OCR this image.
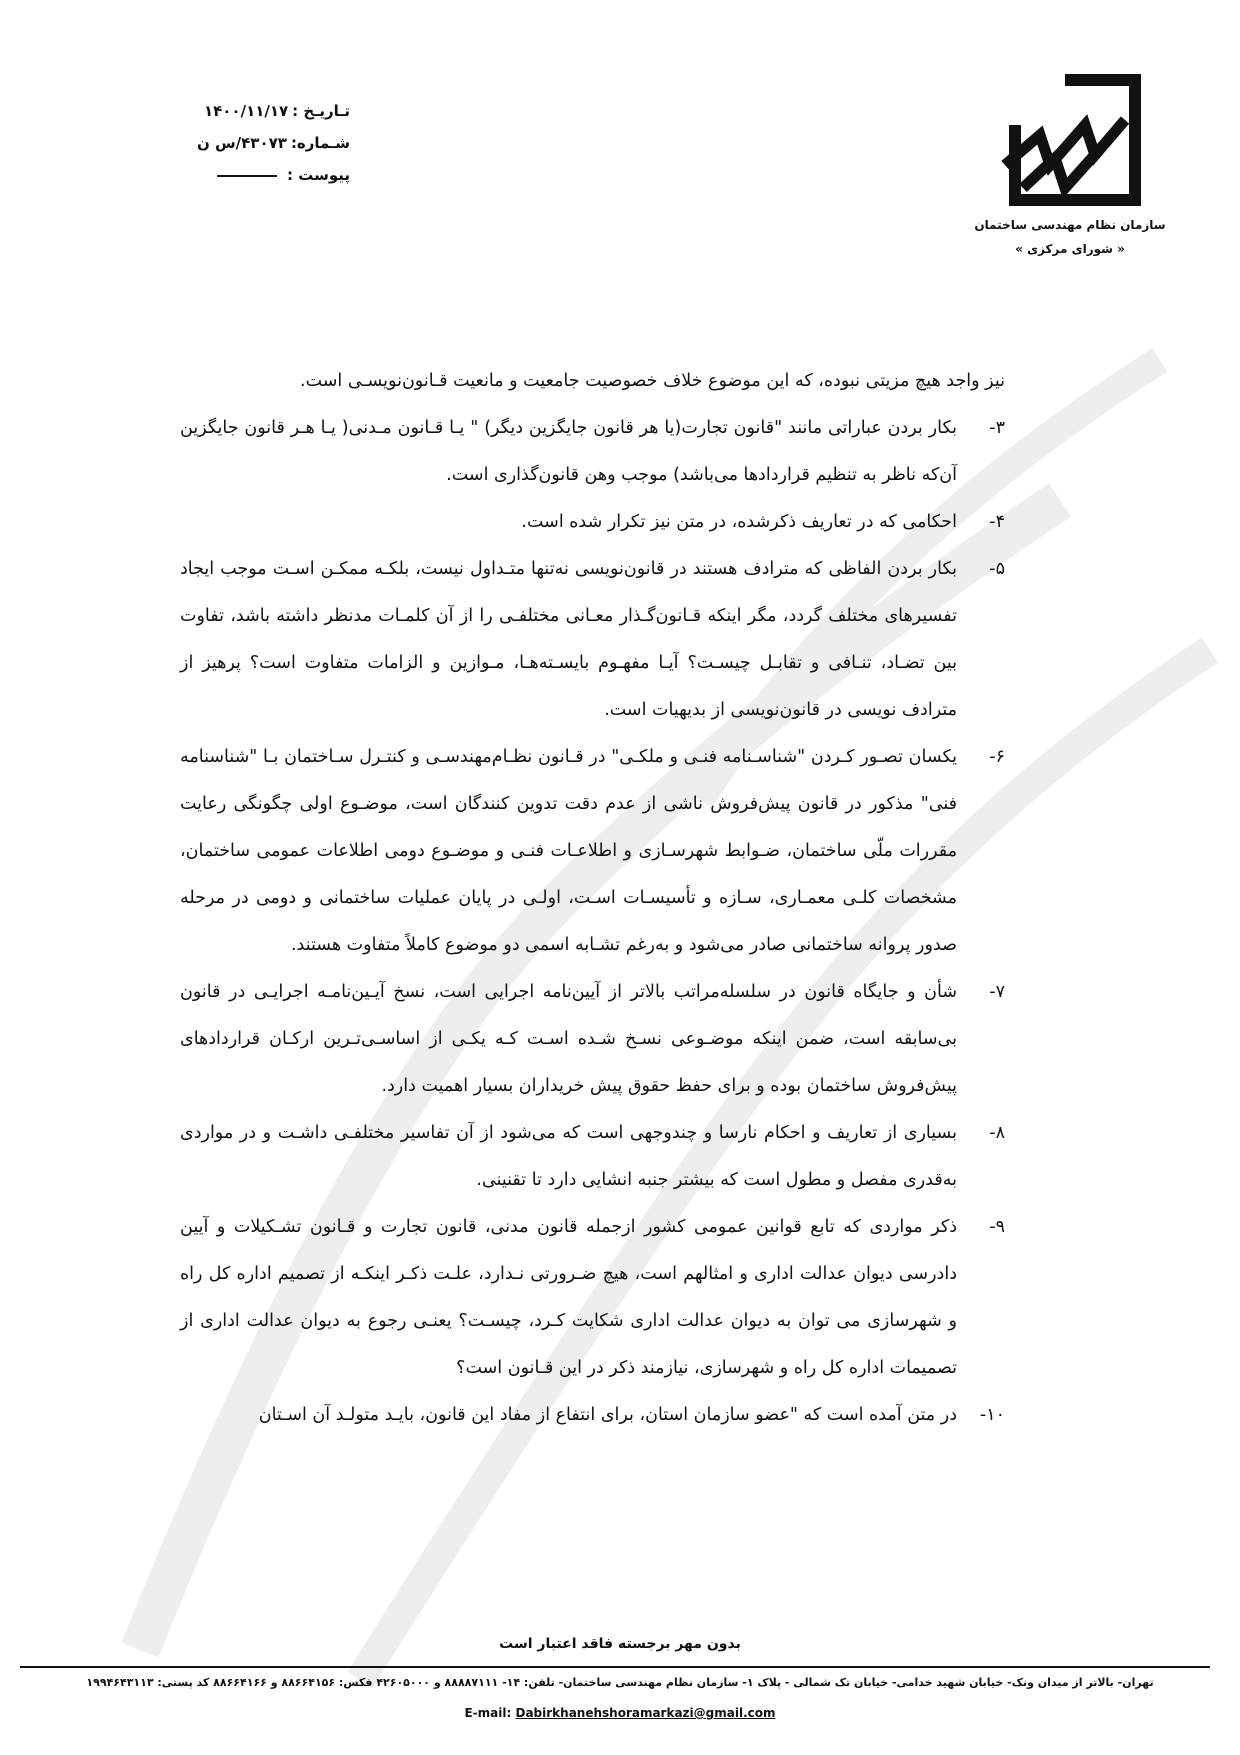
سازمان نظام مهندسی ساختمان
« شورای مرکزی »
تـاریـخ :۱۴۰۰/۱۱/۱۷
شـماره:۴۳۰۷۳/س ن
پیوست :

نیز واجد هیچ مزیتی نبوده، که این موضوع خلاف خصوصیت جامعیت و مانعیت قـانون‌نویسـی است.

۳-

بکار بردن عباراتی مانند "قانون تجارت(یا هر قانون جایگزین دیگر) " یـا قـانون مـدنی( یـا هـر قانون جایگزین آن‌که ناظر به تنظیم قراردادها می‌باشد) موجب وهن قانون‌گذاری است.

۴-

احکامی که در تعاریف ذکرشده، در متن نیز تکرار شده است.

۵-

بکار بردن الفاظی که مترادف هستند در قانون‌نویسی نه‌تنها متـداول نیست، بلکـه ممکـن اسـت موجب ایجاد تفسیرهای مختلف گردد، مگر اینکه قـانون‌گـذار معـانی مختلفـی را از آن کلمـات مدنظر داشته باشد، تفاوت بین تضـاد، تنـافی و تقابـل چیسـت؟ آیـا مفهـوم بایسـته‌هـا، مـوازین و الزامات متفاوت است؟ پرهیز از مترادف نویسی در قانون‌نویسی از بدیهیات است.

۶-

یکسان تصـور کـردن "شناسـنامه فنـی و ملکـی" در قـانون نظـام‌مهندسـی و کنتـرل سـاختمان بـا "شناسنامه فنی" مذکور در قانون پیش‌فروش ناشی از عدم دقت تدوین کنندگان است، موضـوع اولی چگونگی رعایت مقررات ملّی ساختمان، ضـوابط شهرسـازی و اطلاعـات فنـی و موضـوع دومی اطلاعات عمومی ساختمان، مشخصات کلـی معمـاری، سـازه و تأسیسـات اسـت، اولـی در پایان عملیات ساختمانی و دومی در مرحله صدور پروانه ساختمانی صادر می‌شود و به‌رغم تشـابه اسمی دو موضوع کاملاً متفاوت هستند.

۷-

شأن و جایگاه قانون در سلسله‌مراتب بالاتر از آیین‌نامه اجرایی است، نسخ آیـین‌نامـه اجرایـی در قانون بی‌سابقه است، ضمن اینکه موضـوعی نسـخ شـده اسـت کـه یکـی از اساسـی‌تـرین ارکـان قراردادهای پیش‌فروش ساختمان بوده و برای حفظ حقوق پیش خریداران بسیار اهمیت دارد.

۸-

بسیاری از تعاریف و احکام نارسا و چندوجهی است که می‌شود از آن تفاسیر مختلفـی داشـت و در مواردی به‌قدری مفصل و مطول است که بیشتر جنبه انشایی دارد تا تقنینی.

۹-

ذکر مواردی که تابع قوانین عمومی کشور ازجمله قانون مدنی، قانون تجارت و قـانون تشـکیلات و آیین دادرسی دیوان عدالت اداری و امثالهم است، هیچ ضـرورتی نـدارد، علـت ذکـر اینکـه از تصمیم اداره کل راه و شهرسازی می توان به دیوان عدالت اداری شکایت کـرد، چیسـت؟ یعنـی رجوع به دیوان عدالت اداری از تصمیمات اداره کل راه و شهرسازی، نیازمند ذکر در این قـانون است؟

۱۰-

در متن آمده است که "عضو سازمان استان، برای انتفاع از مفاد این قانون، بایـد متولـد آن اسـتان

بدون مهر برجسته فاقد اعتبار است
تهران- بالاتر از میدان ونک- خیابان شهید خدامی- خیابان تک شمالی - پلاک ۱- سازمان نظام مهندسی ساختمان- تلفن: ۱۴- ۸۸۸۸۷۱۱۱ و ۴۲۶۰۵۰۰۰ فکس: ۸۸۶۶۴۱۵۶ و ۸۸۶۶۴۱۶۶ کد پستی: ۱۹۹۴۶۴۳۱۱۳
E-mail: Dabirkhanehshoramarkazi@gmail.com
